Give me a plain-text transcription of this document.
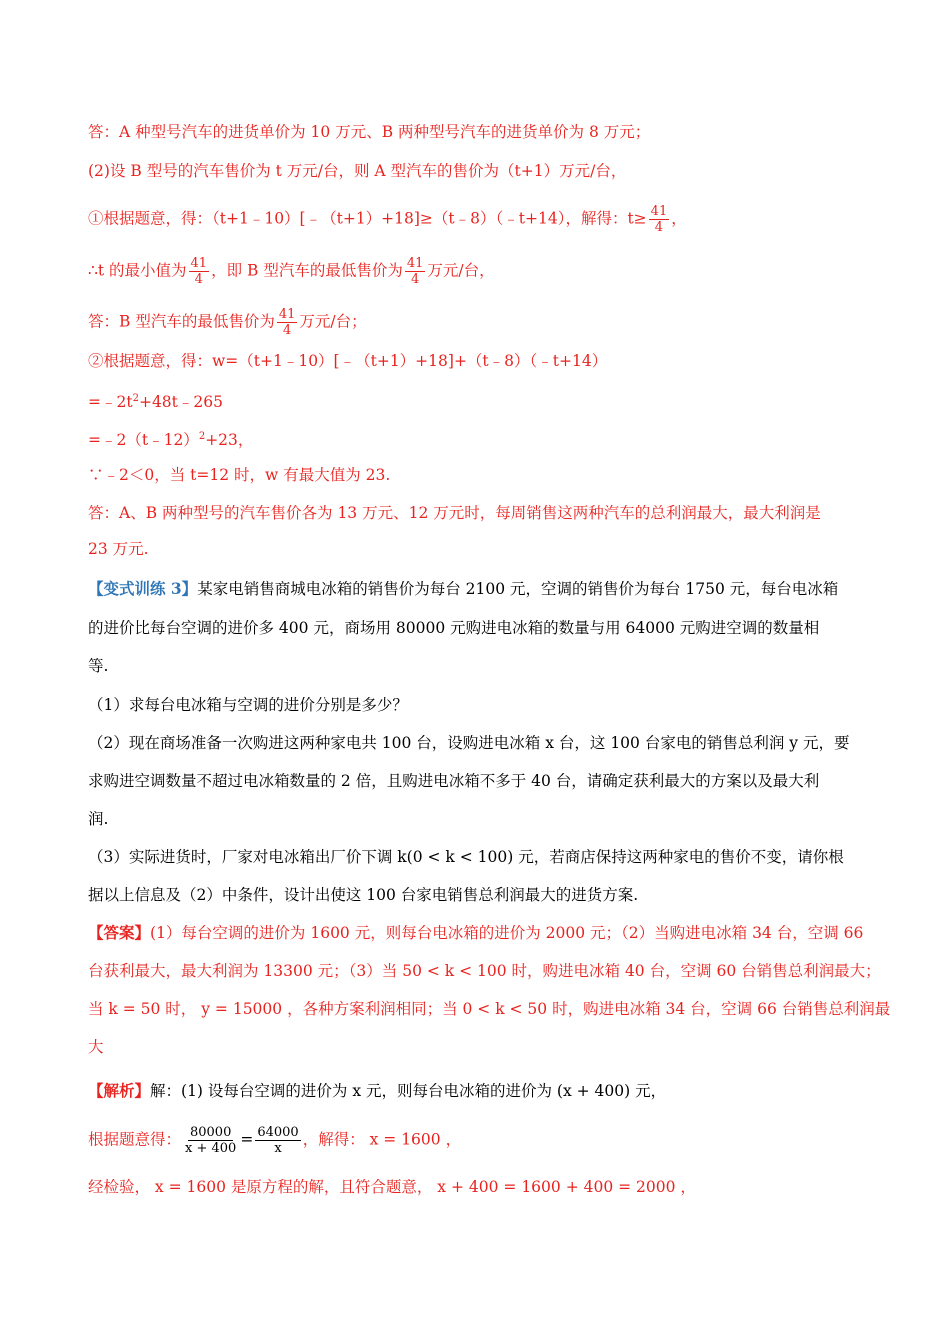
答：A 种型号汽车的进货单价为 10 万元、B 两种型号汽车的进货单价为 8 万元；
(2)设 B 型号的汽车售价为 t 万元/台，则 A 型汽车的售价为（t+1）万元/台，
①根据题意，得：（t+1﹣10）[﹣（t+1）+18]≥（t﹣8）（﹣t+14），解得：$t\ge \frac{41}{4}$ ，
∴t 的最小值为 $\frac{41}{4}$ ，即 B 型汽车的最低售价为 $\frac{41}{4}$ 万元/台，
答：B 型汽车的最低售价为 $\frac{41}{4}$ 万元/台；
②根据题意，得：w=（t+1﹣10）[﹣（t+1）+18]+（t﹣8）（﹣t+14）
$=﹣2t^2+48t﹣265$
=﹣2（t﹣12）$^2$+23，
∵﹣2＜0，当 t=12 时，w 有最大值为 23.
答：A、B 两种型号的汽车售价各为 13 万元、12 万元时，每周销售这两种汽车的总利润最大，最大利润是
23 万元.
【变式训练 3】某家电销售商城电冰箱的销售价为每台 2100 元，空调的销售价为每台 1750 元，每台电冰箱
的进价比每台空调的进价多 400 元，商场用 80000 元购进电冰箱的数量与用 64000 元购进空调的数量相
等.
（1）求每台电冰箱与空调的进价分别是多少？
（2）现在商场准备一次购进这两种家电共 100 台，设购进电冰箱 x 台，这 100 台家电的销售总利润 y 元，要
求购进空调数量不超过电冰箱数量的 2 倍，且购进电冰箱不多于 40 台，请确定获利最大的方案以及最大利
润.
（3）实际进货时，厂家对电冰箱出厂价下调 k(0 < k < 100) 元，若商店保持这两种家电的售价不变，请你根
据以上信息及（2）中条件，设计出使这 100 台家电销售总利润最大的进货方案.
【答案】(1）每台空调的进价为 1600 元，则每台电冰箱的进价为 2000 元；（2）当购进电冰箱 34 台，空调 66
台获利最大，最大利润为 13300 元；（3）当 50 < k < 100 时，购进电冰箱 40 台，空调 60 台销售总利润最大；
当 k = 50 时， y = 15000 ，各种方案利润相同；当 0 < k < 50 时，购进电冰箱 34 台，空调 66 台销售总利润最
大
【解析】解：(1) 设每台空调的进价为 x 元，则每台电冰箱的进价为 (x + 400) 元，
根据题意得： $\frac{80000}{x + 400} = \frac{64000}{x}$ ，解得： x = 1600 ，
经检验， x = 1600 是原方程的解，且符合题意， x + 400 = 1600 + 400 = 2000 ，
